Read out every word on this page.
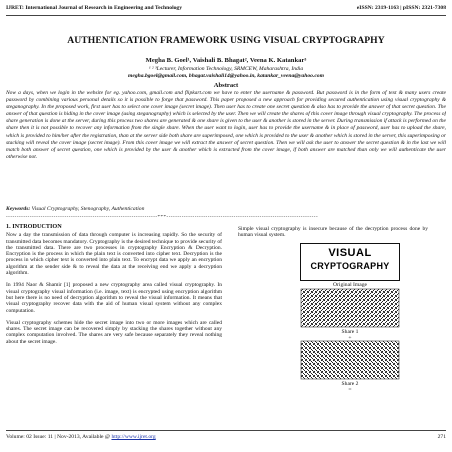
IJRET: International Journal of Research in Engineering and Technology	eISSN: 2319-1163 | pISSN: 2321-7308
AUTHENTICATION FRAMEWORK USING VISUAL CRYPTOGRAPHY
Megha B. Goel¹, Vaishali B. Bhagat², Veena K. Katankar³
¹ ² ³Lecturer, Information Technology, SRMCEW, Maharashtra, India
megha.bgoel@gmail.com, bhagat.vaishali14@yahoo.in, katankar_veena@yahoo.com
Abstract
Now a days, when we login in the website for eg. yahoo.com, gmail.com and flipkart.com we have to enter the username & password. But password is in the form of text & many users create password by combining various personal details so it is possible to forge that password. This paper proposed a new approach for providing secured authentication using visual cryptography & steganography. In the proposed work, first user has to select one cover image (secret image). Then user has to create one secret question & also has to provide the answer of that secret question. The answer of that question is hiding in the cover image (using steganography) which is selected by the user. Then we will create the shares of this cover image through visual cryptography. The process of share generation is done at the server, during this process two shares are generated & one share is given to the user & another is stored in the server. During transmission if attack is performed on the share then it is not possible to recover any information from the single share. When the user want to login, user has to provide the username & in place of password, user has to upload the share, which is provided to him/her after the registration, than at the server side both share are superimposed, one which is provided to the user & another which is stored in the server, this superimposing or stacking will reveal the cover image (secret image). From this cover image we will extract the answer of secret question. Then we will ask the user to answer the secret question & in the last we will match both answer of secret question, one which is provided by the user & another which is extracted from the cover image, if both answer are matched than only we will authenticate the user otherwise not.
Keywords: Visual Cryptography, Stenography, Authentication
----------------------------------------------------------------------***----------------------------------------------------------------------
1. INTRODUCTION

Now a day the transmission of data through computer is increasing rapidly. So the security of transmitted data becomes mandatory. Cryptography is the desired technique to provide security of the transmitted data. There are two processes in cryptography Encryption & Decryption. Encryption is the process in which the plain text is converted into cipher text. Decryption is the process in which cipher text is converted into plain text. To encrypt data we apply an encryption algorithm at the sender side & to reveal the data at the receiving end we apply a decryption algorithm.

In 1994 Naor & Shamir [1] proposed a new cryptography area called visual cryptography. In visual cryptography visual information (i.e. image, text) is encrypted using encryption algorithm but here there is no need of decryption algorithm to reveal the visual information. It means that visual cryptography recover data with the aid of human visual system without any complex computation.

Visual cryptography schemes hide the secret image into two or more images which are called shares. The secret image can be recovered simply by stacking the shares together without any complex computation involved. The shares are very safe because separately they reveal nothing about the secret image.

Simple visual cryptography is insecure because of the decryption process done by human visual system.
VISUAL
CRYPTOGRAPHY
Original Image
Share 1
+
Share 2
=
Volume: 02 Issue: 11 | Nov-2013, Available @ http://www.ijret.org	271
